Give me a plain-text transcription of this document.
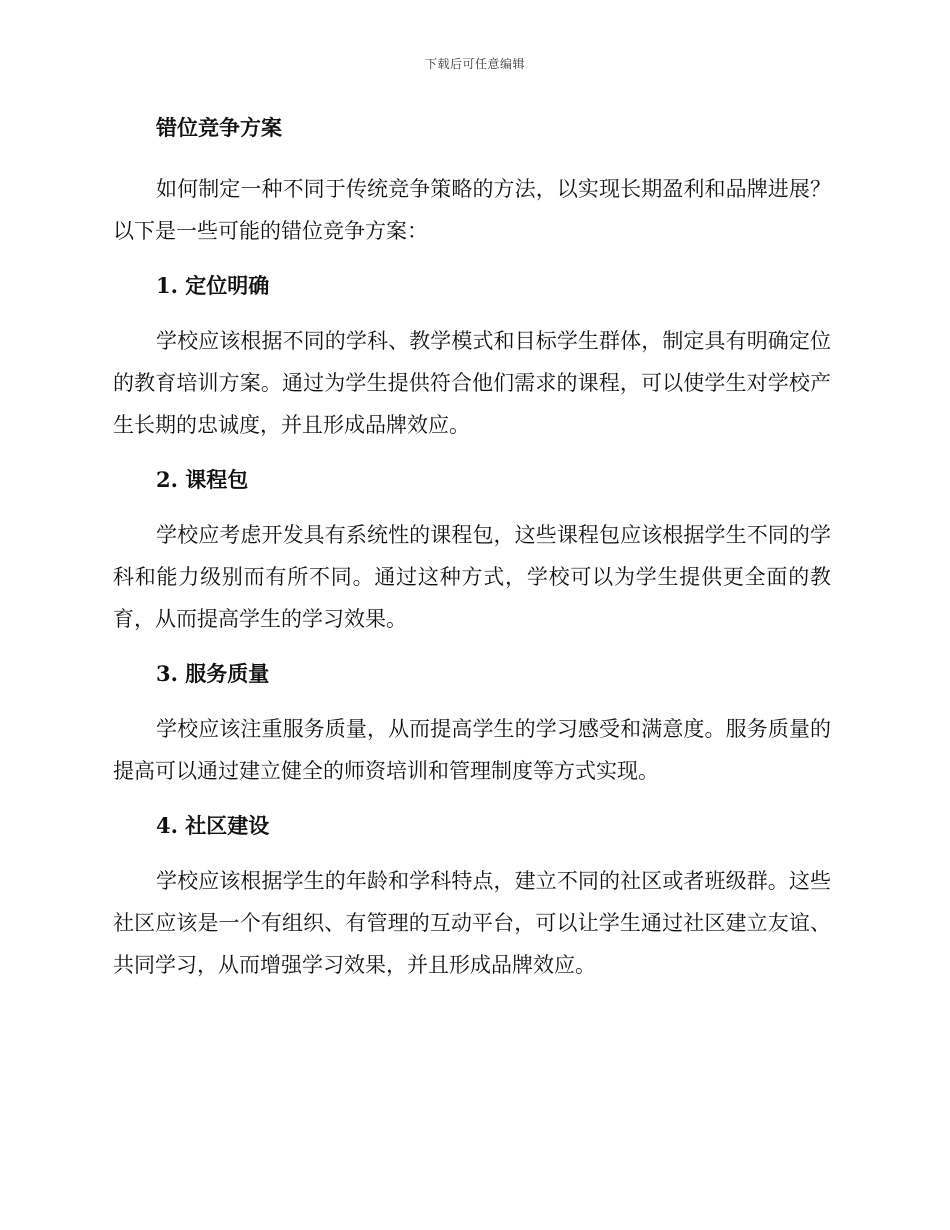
下载后可任意编辑
错位竞争方案

如何制定一种不同于传统竞争策略的方法，以实现长期盈利和品牌进展？以下是一些可能的错位竞争方案：

1. 定位明确

学校应该根据不同的学科、教学模式和目标学生群体，制定具有明确定位的教育培训方案。通过为学生提供符合他们需求的课程，可以使学生对学校产生长期的忠诚度，并且形成品牌效应。

2. 课程包

学校应考虑开发具有系统性的课程包，这些课程包应该根据学生不同的学科和能力级别而有所不同。通过这种方式，学校可以为学生提供更全面的教育，从而提高学生的学习效果。

3. 服务质量

学校应该注重服务质量，从而提高学生的学习感受和满意度。服务质量的提高可以通过建立健全的师资培训和管理制度等方式实现。

4. 社区建设

学校应该根据学生的年龄和学科特点，建立不同的社区或者班级群。这些社区应该是一个有组织、有管理的互动平台，可以让学生通过社区建立友谊、共同学习，从而增强学习效果，并且形成品牌效应。
